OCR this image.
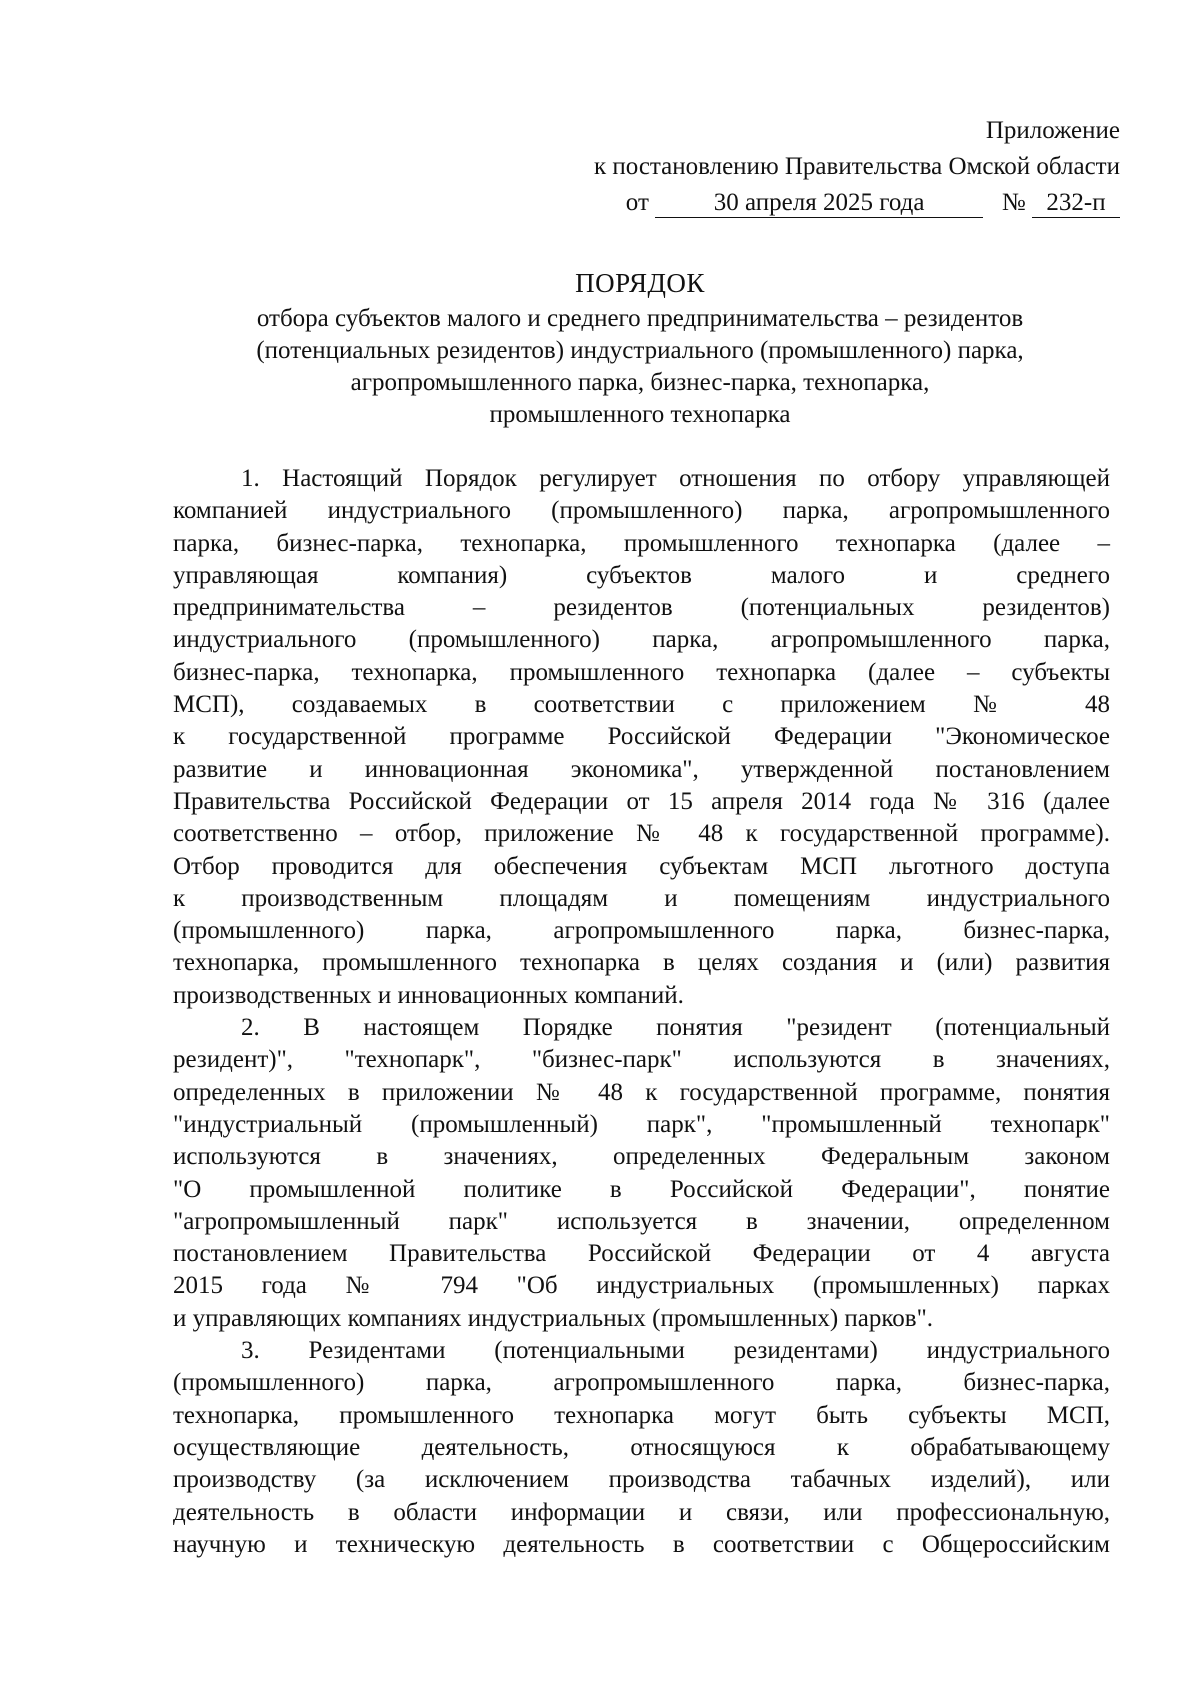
Приложение
к постановлению Правительства Омской области
от	30 апреля 2025 года	№ 232-п
ПОРЯДОК
отбора субъектов малого и среднего предпринимательства – резидентов
(потенциальных резидентов) индустриального (промышленного) парка,
агропромышленного парка, бизнес-парка, технопарка,
промышленного технопарка
1. Настоящий Порядок регулирует отношения по отбору управляющей
компанией индустриального (промышленного) парка, агропромышленного
парка, бизнес-парка, технопарка, промышленного технопарка (далее –
управляющая компания) субъектов малого и среднего
предпринимательства – резидентов (потенциальных резидентов)
индустриального (промышленного) парка, агропромышленного парка,
бизнес-парка, технопарка, промышленного технопарка (далее – субъекты
МСП), создаваемых в соответствии с приложением № 48
к государственной программе Российской Федерации "Экономическое
развитие и инновационная экономика", утвержденной постановлением
Правительства Российской Федерации от 15 апреля 2014 года № 316 (далее
соответственно – отбор, приложение № 48 к государственной программе).
Отбор проводится для обеспечения субъектам МСП льготного доступа
к производственным площадям и помещениям индустриального
(промышленного) парка, агропромышленного парка, бизнес-парка,
технопарка, промышленного технопарка в целях создания и (или) развития
производственных и инновационных компаний.
2. В настоящем Порядке понятия "резидент (потенциальный
резидент)", "технопарк", "бизнес-парк" используются в значениях,
определенных в приложении № 48 к государственной программе, понятия
"индустриальный (промышленный) парк", "промышленный технопарк"
используются в значениях, определенных Федеральным законом
"О промышленной политике в Российской Федерации", понятие
"агропромышленный парк" используется в значении, определенном
постановлением Правительства Российской Федерации от 4 августа
2015 года № 794 "Об индустриальных (промышленных) парках
и управляющих компаниях индустриальных (промышленных) парков".
3. Резидентами (потенциальными резидентами) индустриального
(промышленного) парка, агропромышленного парка, бизнес-парка,
технопарка, промышленного технопарка могут быть субъекты МСП,
осуществляющие деятельность, относящуюся к обрабатывающему
производству (за исключением производства табачных изделий), или
деятельность в области информации и связи, или профессиональную,
научную и техническую деятельность в соответствии с Общероссийским
